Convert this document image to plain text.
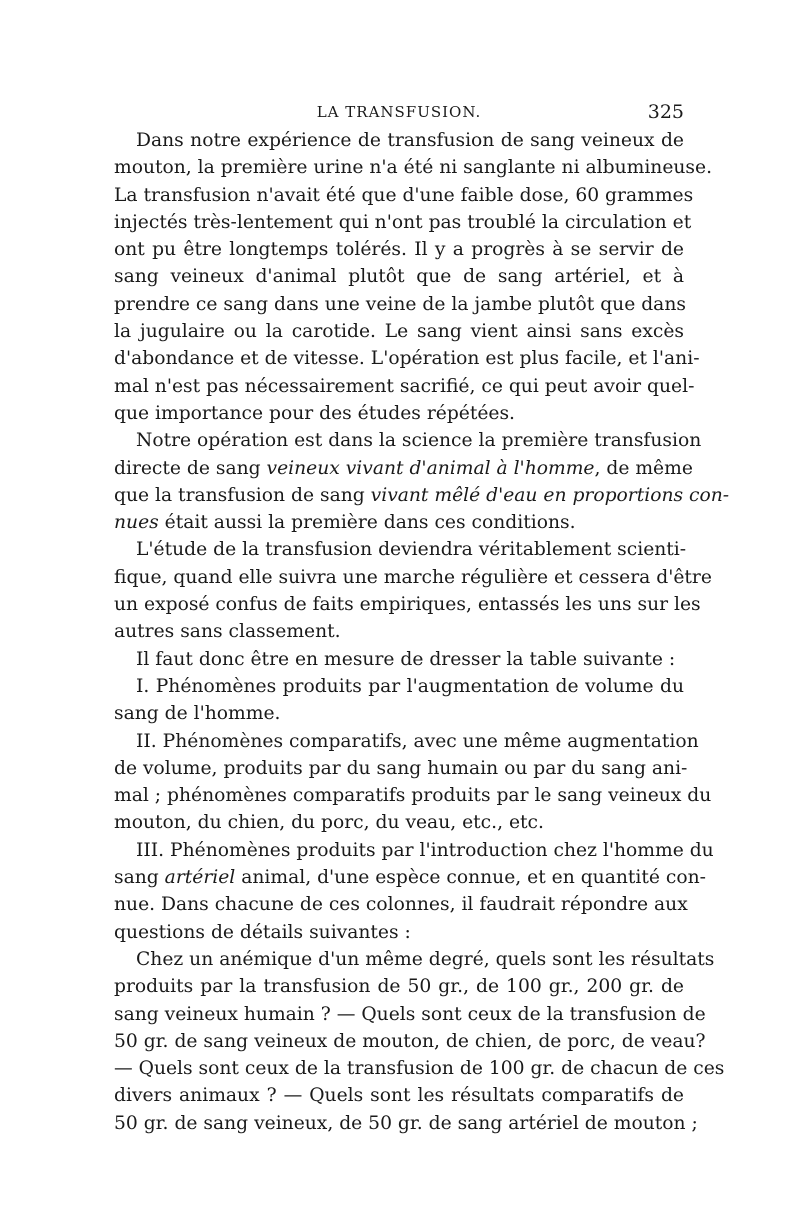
LA TRANSFUSION.	325
Dans notre expérience de transfusion de sang veineux de
mouton, la première urine n'a été ni sanglante ni albumineuse.
La transfusion n'avait été que d'une faible dose, 60 grammes
injectés très-lentement qui n'ont pas troublé la circulation et
ont pu être longtemps tolérés. Il y a progrès à se servir de
sang veineux d'animal plutôt que de sang artériel, et à
prendre ce sang dans une veine de la jambe plutôt que dans
la jugulaire ou la carotide. Le sang vient ainsi sans excès
d'abondance et de vitesse. L'opération est plus facile, et l'ani-
mal n'est pas nécessairement sacrifié, ce qui peut avoir quel-
que importance pour des études répétées.
Notre opération est dans la science la première transfusion
directe de sang veineux vivant d'animal à l'homme, de même
que la transfusion de sang vivant mêlé d'eau en proportions con-
nues était aussi la première dans ces conditions.
L'étude de la transfusion deviendra véritablement scienti-
fique, quand elle suivra une marche régulière et cessera d'être
un exposé confus de faits empiriques, entassés les uns sur les
autres sans classement.
Il faut donc être en mesure de dresser la table suivante :
I. Phénomènes produits par l'augmentation de volume du
sang de l'homme.
II. Phénomènes comparatifs, avec une même augmentation
de volume, produits par du sang humain ou par du sang ani-
mal ; phénomènes comparatifs produits par le sang veineux du
mouton, du chien, du porc, du veau, etc., etc.
III. Phénomènes produits par l'introduction chez l'homme du
sang artériel animal, d'une espèce connue, et en quantité con-
nue. Dans chacune de ces colonnes, il faudrait répondre aux
questions de détails suivantes :
Chez un anémique d'un même degré, quels sont les résultats
produits par la transfusion de 50 gr., de 100 gr., 200 gr. de
sang veineux humain ? — Quels sont ceux de la transfusion de
50 gr. de sang veineux de mouton, de chien, de porc, de veau?
— Quels sont ceux de la transfusion de 100 gr. de chacun de ces
divers animaux ? — Quels sont les résultats comparatifs de
50 gr. de sang veineux, de 50 gr. de sang artériel de mouton ;
